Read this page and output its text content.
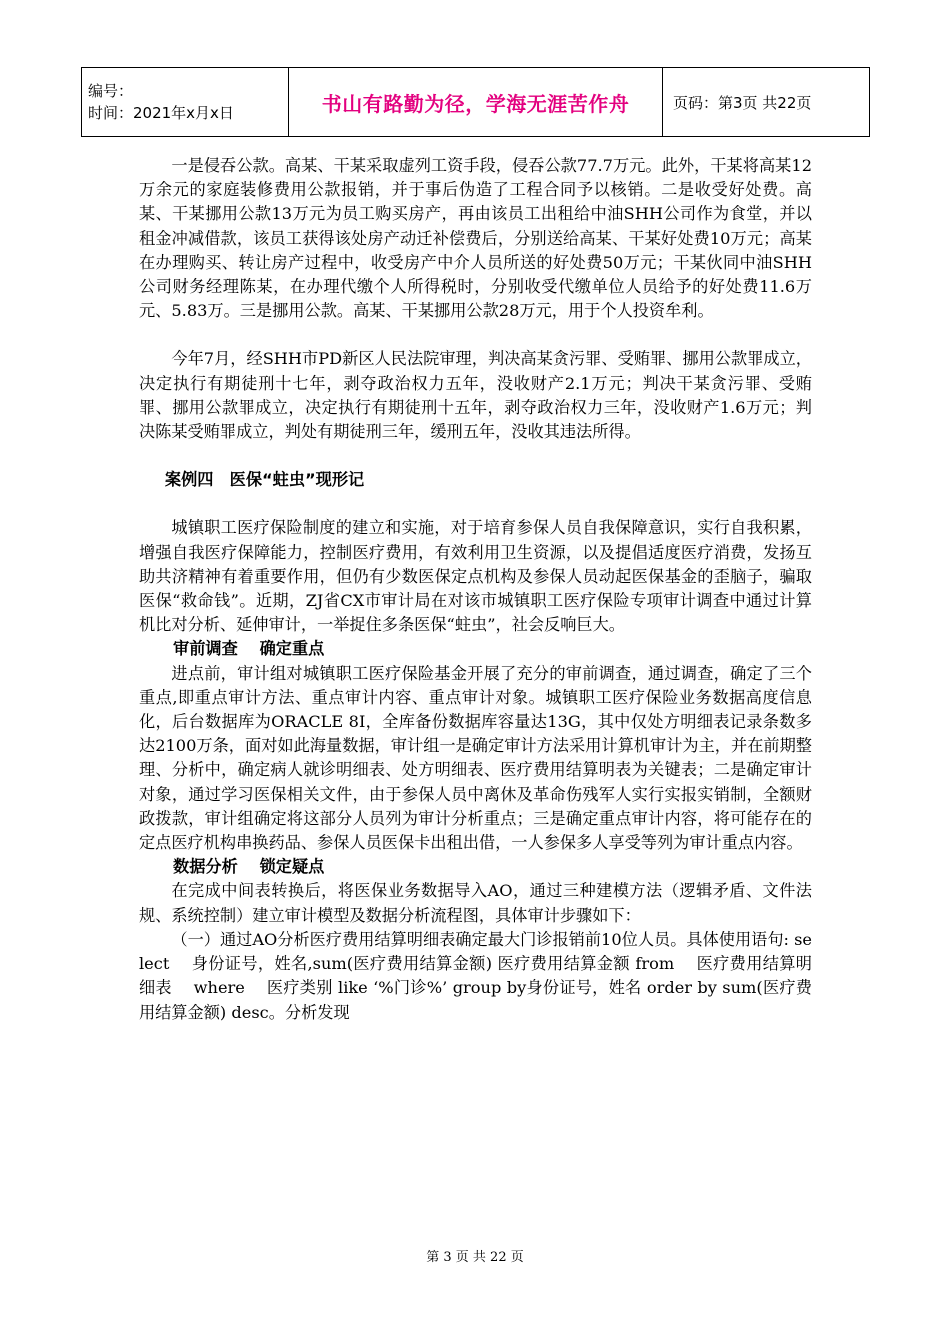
编号：
时间：2021年x月x日	书山有路勤为径，学海无涯苦作舟	页码：第3页 共22页

一是侵吞公款。高某、干某采取虚列工资手段，侵吞公款77.7万元。此外，干某将高某12万余元的家庭装修费用公款报销，并于事后伪造了工程合同予以核销。二是收受好处费。高某、干某挪用公款13万元为员工购买房产，再由该员工出租给中油SHH公司作为食堂，并以租金冲减借款，该员工获得该处房产动迁补偿费后，分别送给高某、干某好处费10万元；高某在办理购买、转让房产过程中，收受房产中介人员所送的好处费50万元；干某伙同中油SHH公司财务经理陈某，在办理代缴个人所得税时，分别收受代缴单位人员给予的好处费11.6万元、5.83万。三是挪用公款。高某、干某挪用公款28万元，用于个人投资牟利。

今年7月，经SHH市PD新区人民法院审理，判决高某贪污罪、受贿罪、挪用公款罪成立，决定执行有期徒刑十七年，剥夺政治权力五年，没收财产2.1万元；判决干某贪污罪、受贿罪、挪用公款罪成立，决定执行有期徒刑十五年，剥夺政治权力三年，没收财产1.6万元；判决陈某受贿罪成立，判处有期徒刑三年，缓刑五年，没收其违法所得。

案例四　医保“蛀虫”现形记

城镇职工医疗保险制度的建立和实施，对于培育参保人员自我保障意识，实行自我积累，增强自我医疗保障能力，控制医疗费用，有效利用卫生资源，以及提倡适度医疗消费，发扬互助共济精神有着重要作用，但仍有少数医保定点机构及参保人员动起医保基金的歪脑子，骗取医保“救命钱”。近期，ZJ省CX市审计局在对该市城镇职工医疗保险专项审计调查中通过计算机比对分析、延伸审计，一举捉住多条医保“蛀虫”，社会反响巨大。

审前调查　 确定重点

进点前，审计组对城镇职工医疗保险基金开展了充分的审前调查，通过调查，确定了三个重点,即重点审计方法、重点审计内容、重点审计对象。城镇职工医疗保险业务数据高度信息化，后台数据库为ORACLE 8I，全库备份数据库容量达13G，其中仅处方明细表记录条数多达2100万条，面对如此海量数据，审计组一是确定审计方法采用计算机审计为主，并在前期整理、分析中，确定病人就诊明细表、处方明细表、医疗费用结算明表为关键表；二是确定审计对象，通过学习医保相关文件，由于参保人员中离休及革命伤残军人实行实报实销制，全额财政拨款，审计组确定将这部分人员列为审计分析重点；三是确定重点审计内容，将可能存在的定点医疗机构串换药品、参保人员医保卡出租出借，一人参保多人享受等列为审计重点内容。

数据分析　 锁定疑点

在完成中间表转换后，将医保业务数据导入AO，通过三种建模方法（逻辑矛盾、文件法规、系统控制）建立审计模型及数据分析流程图，具体审计步骤如下：

（一）通过AO分析医疗费用结算明细表确定最大门诊报销前10位人员。具体使用语句: select　 身份证号，姓名,sum(医疗费用结算金额) 医疗费用结算金额 from　 医疗费用结算明细表　 where　 医疗类别 like ‘%门诊%’ group by身份证号，姓名 order by sum(医疗费用结算金额) desc。分析发现

第 3 页 共 22 页
